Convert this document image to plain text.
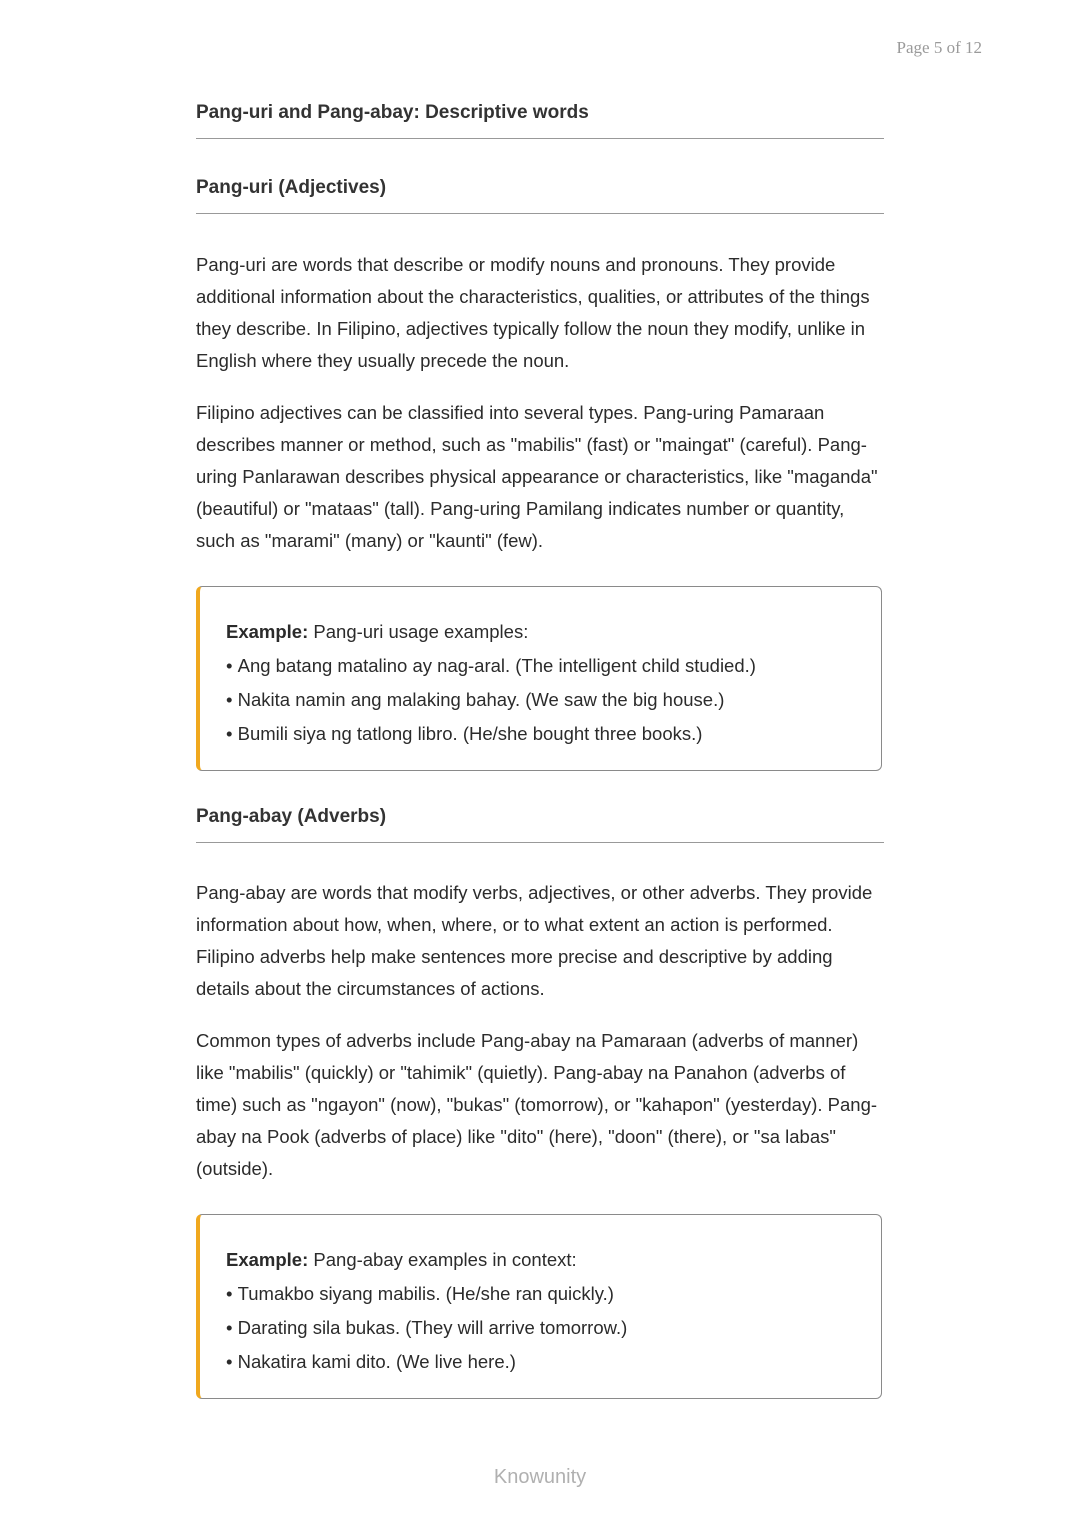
Page 5 of 12
Pang-uri and Pang-abay: Descriptive words
Pang-uri (Adjectives)

Pang-uri are words that describe or modify nouns and pronouns. They provide additional information about the characteristics, qualities, or attributes of the things they describe. In Filipino, adjectives typically follow the noun they modify, unlike in English where they usually precede the noun.

Filipino adjectives can be classified into several types. Pang-uring Pamaraan describes manner or method, such as "mabilis" (fast) or "maingat" (careful). Pang-uring Panlarawan describes physical appearance or characteristics, like "maganda" (beautiful) or "mataas" (tall). Pang-uring Pamilang indicates number or quantity, such as "marami" (many) or "kaunti" (few).

Example: Pang-uri usage examples:
• Ang batang matalino ay nag-aral. (The intelligent child studied.)
• Nakita namin ang malaking bahay. (We saw the big house.)
• Bumili siya ng tatlong libro. (He/she bought three books.)
Pang-abay (Adverbs)

Pang-abay are words that modify verbs, adjectives, or other adverbs. They provide information about how, when, where, or to what extent an action is performed. Filipino adverbs help make sentences more precise and descriptive by adding details about the circumstances of actions.

Common types of adverbs include Pang-abay na Pamaraan (adverbs of manner) like "mabilis" (quickly) or "tahimik" (quietly). Pang-abay na Panahon (adverbs of time) such as "ngayon" (now), "bukas" (tomorrow), or "kahapon" (yesterday). Pang-abay na Pook (adverbs of place) like "dito" (here), "doon" (there), or "sa labas" (outside).

Example: Pang-abay examples in context:
• Tumakbo siyang mabilis. (He/she ran quickly.)
• Darating sila bukas. (They will arrive tomorrow.)
• Nakatira kami dito. (We live here.)
Knowunity
